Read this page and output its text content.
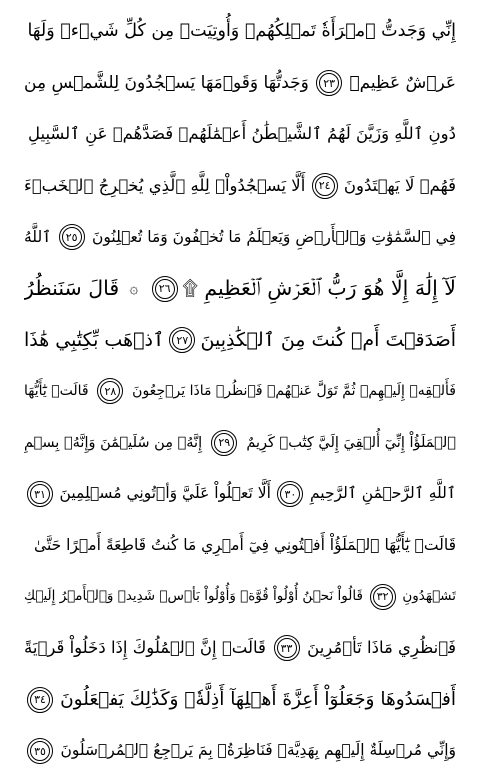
إِنِّي وَجَدتُّ ٱمۡرَأَةٗ تَمۡلِكُهُمۡ وَأُوتِيَتۡ مِن كُلِّ شَيۡءٖ وَلَهَا
عَرۡشٌ عَظِيمٞ
٢٣
وَجَدتُّهَا وَقَوۡمَهَا يَسۡجُدُونَ لِلشَّمۡسِ مِن
دُونِ ٱللَّهِ وَزَيَّنَ لَهُمُ ٱلشَّيۡطَٰنُ أَعۡمَٰلَهُمۡ فَصَدَّهُمۡ عَنِ ٱلسَّبِيلِ
فَهُمۡ لَا يَهۡتَدُونَ
٢٤
أَلَّا يَسۡجُدُواْۤ لِلَّهِ ٱلَّذِي يُخۡرِجُ ٱلۡخَبۡءَ
فِي ٱلسَّمَٰوَٰتِ وَٱلۡأَرۡضِ وَيَعۡلَمُ مَا تُخۡفُونَ وَمَا تُعۡلِنُونَ
٢٥
ٱللَّهُ
لَآ إِلَٰهَ إِلَّا هُوَ رَبُّ ٱلۡعَرۡشِ ٱلۡعَظِيمِ ۩
٢٦
۞
قَالَ سَنَنظُرُ
أَصَدَقۡتَ أَمۡ كُنتَ مِنَ ٱلۡكَٰذِبِينَ
٢٧
ٱذۡهَب بِّكِتَٰبِي هَٰذَا
فَأَلۡقِهۡ إِلَيۡهِمۡ ثُمَّ تَوَلَّ عَنۡهُمۡ فَٱنظُرۡ مَاذَا يَرۡجِعُونَ
٢٨
قَالَتۡ يَٰٓأَيُّهَا
ٱلۡمَلَؤُاْ إِنِّيٓ أُلۡقِيَ إِلَيَّ كِتَٰبٞ كَرِيمٌ
٢٩
إِنَّهُۥ مِن سُلَيۡمَٰنَ وَإِنَّهُۥ بِسۡمِ
ٱللَّهِ ٱلرَّحۡمَٰنِ ٱلرَّحِيمِ
٣٠
أَلَّا تَعۡلُواْ عَلَيَّ وَأۡتُونِي مُسۡلِمِينَ
٣١
قَالَتۡ يَٰٓأَيُّهَا ٱلۡمَلَؤُاْ أَفۡتُونِي فِيٓ أَمۡرِي مَا كُنتُ قَاطِعَةً أَمۡرًا حَتَّىٰ
تَشۡهَدُونِ
٣٢
قَالُواْ نَحۡنُ أُوْلُواْ قُوَّةٖ وَأُوْلُواْ بَأۡسٖ شَدِيدٖ وَٱلۡأَمۡرُ إِلَيۡكِ
فَٱنظُرِي مَاذَا تَأۡمُرِينَ
٣٣
قَالَتۡ إِنَّ ٱلۡمُلُوكَ إِذَا دَخَلُواْ قَرۡيَةً
أَفۡسَدُوهَا وَجَعَلُوٓاْ أَعِزَّةَ أَهۡلِهَآ أَذِلَّةٗۚ وَكَذَٰلِكَ يَفۡعَلُونَ
٣٤
وَإِنِّي مُرۡسِلَةٌ إِلَيۡهِم بِهَدِيَّةٖ فَنَاظِرَةُۢ بِمَ يَرۡجِعُ ٱلۡمُرۡسَلُونَ
٣٥
